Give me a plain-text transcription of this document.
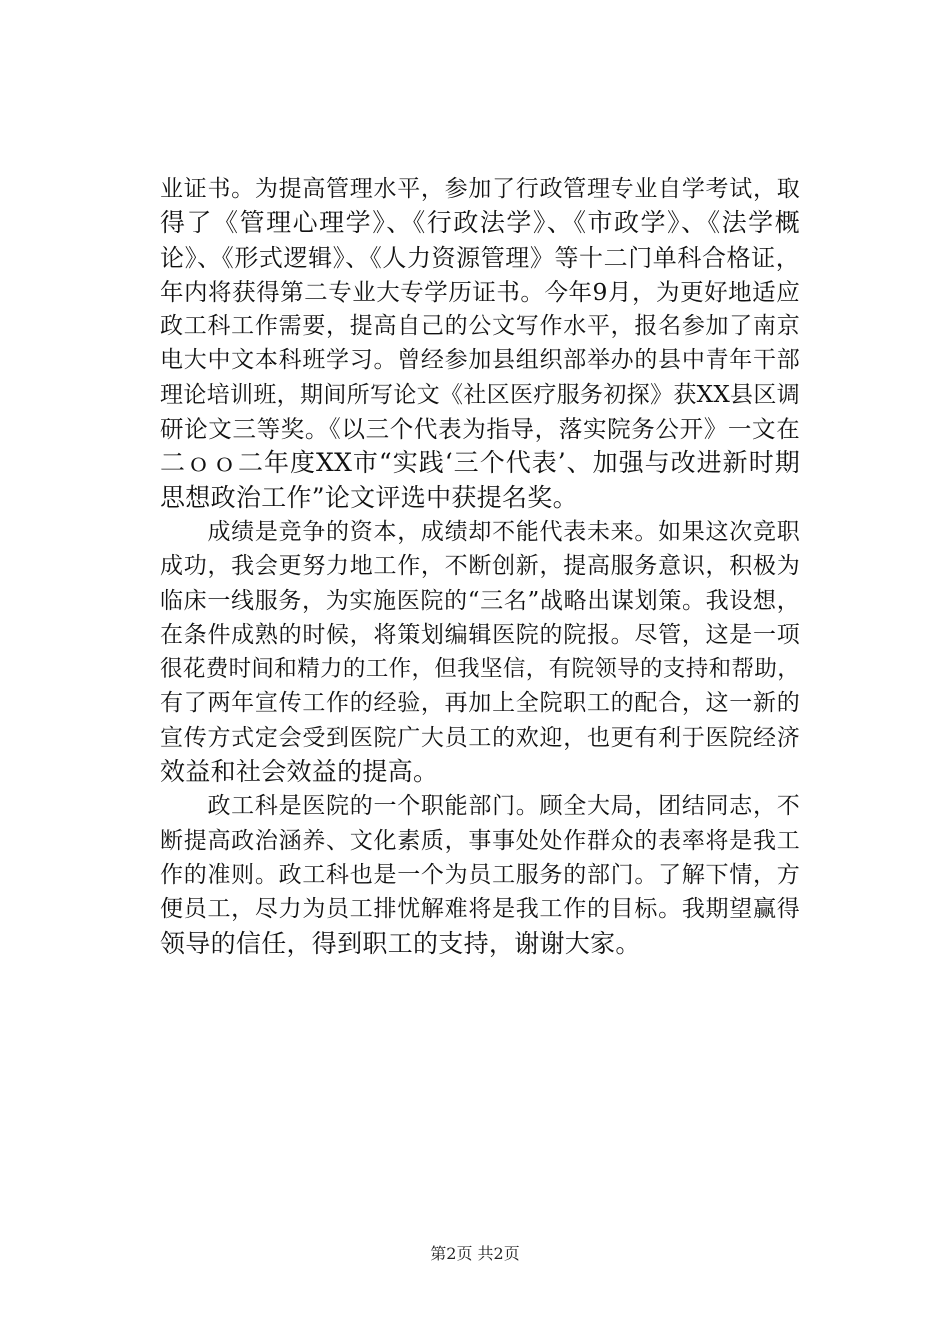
业证书。为提高管理水平，参加了行政管理专业自学考试，取
得了《管理心理学》、《行政法学》、《市政学》、《法学概
论》、《形式逻辑》、《人力资源管理》等十二门单科合格证，
年内将获得第二专业大专学历证书。今年9月，为更好地适应
政工科工作需要，提高自己的公文写作水平，报名参加了南京
电大中文本科班学习。曾经参加县组织部举办的县中青年干部
理论培训班，期间所写论文《社区医疗服务初探》获XX县区调
研论文三等奖。《以三个代表为指导，落实院务公开》一文在
二ｏｏ二年度XX市“实践‘三个代表’、加强与改进新时期
思想政治工作”论文评选中获提名奖。
　　成绩是竞争的资本，成绩却不能代表未来。如果这次竞职
成功，我会更努力地工作，不断创新，提高服务意识，积极为
临床一线服务，为实施医院的“三名”战略出谋划策。我设想，
在条件成熟的时候，将策划编辑医院的院报。尽管，这是一项
很花费时间和精力的工作，但我坚信，有院领导的支持和帮助，
有了两年宣传工作的经验，再加上全院职工的配合，这一新的
宣传方式定会受到医院广大员工的欢迎，也更有利于医院经济
效益和社会效益的提高。
　　政工科是医院的一个职能部门。顾全大局，团结同志，不
断提高政治涵养、文化素质，事事处处作群众的表率将是我工
作的准则。政工科也是一个为员工服务的部门。了解下情，方
便员工，尽力为员工排忧解难将是我工作的目标。我期望赢得
领导的信任，得到职工的支持，谢谢大家。
第2页 共2页
